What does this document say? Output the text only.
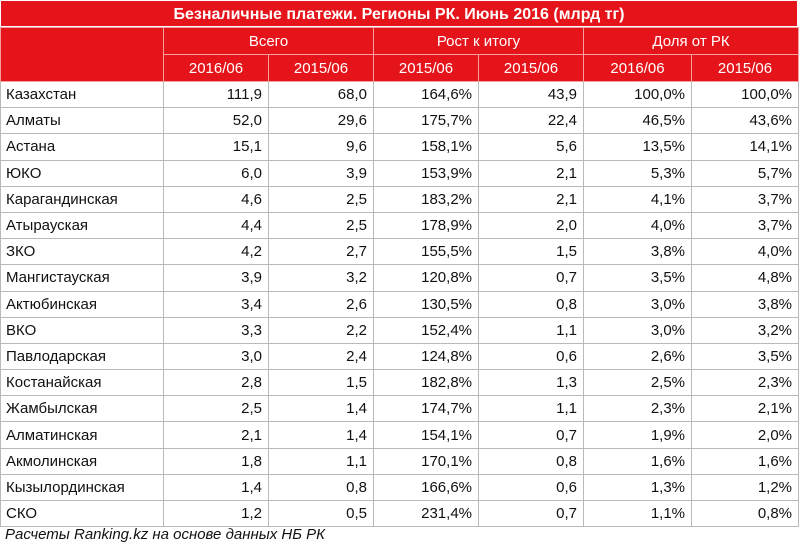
Безналичные платежи. Регионы РК. Июнь 2016 (млрд тг)
	Всего		Рост к итогу		Доля от РК	
	2016/06	2015/06	2015/06	2015/06	2016/06	2015/06
Казахстан	111,9	68,0	164,6%	43,9	100,0%	100,0%
Алматы	52,0	29,6	175,7%	22,4	46,5%	43,6%
Астана	15,1	9,6	158,1%	5,6	13,5%	14,1%
ЮКО	6,0	3,9	153,9%	2,1	5,3%	5,7%
Карагандинская	4,6	2,5	183,2%	2,1	4,1%	3,7%
Атырауская	4,4	2,5	178,9%	2,0	4,0%	3,7%
ЗКО	4,2	2,7	155,5%	1,5	3,8%	4,0%
Мангистауская	3,9	3,2	120,8%	0,7	3,5%	4,8%
Актюбинская	3,4	2,6	130,5%	0,8	3,0%	3,8%
ВКО	3,3	2,2	152,4%	1,1	3,0%	3,2%
Павлодарская	3,0	2,4	124,8%	0,6	2,6%	3,5%
Костанайская	2,8	1,5	182,8%	1,3	2,5%	2,3%
Жамбылская	2,5	1,4	174,7%	1,1	2,3%	2,1%
Алматинская	2,1	1,4	154,1%	0,7	1,9%	2,0%
Акмолинская	1,8	1,1	170,1%	0,8	1,6%	1,6%
Кызылординская	1,4	0,8	166,6%	0,6	1,3%	1,2%
СКО	1,2	0,5	231,4%	0,7	1,1%	0,8%
Расчеты Ranking.kz на основе данных НБ РК
